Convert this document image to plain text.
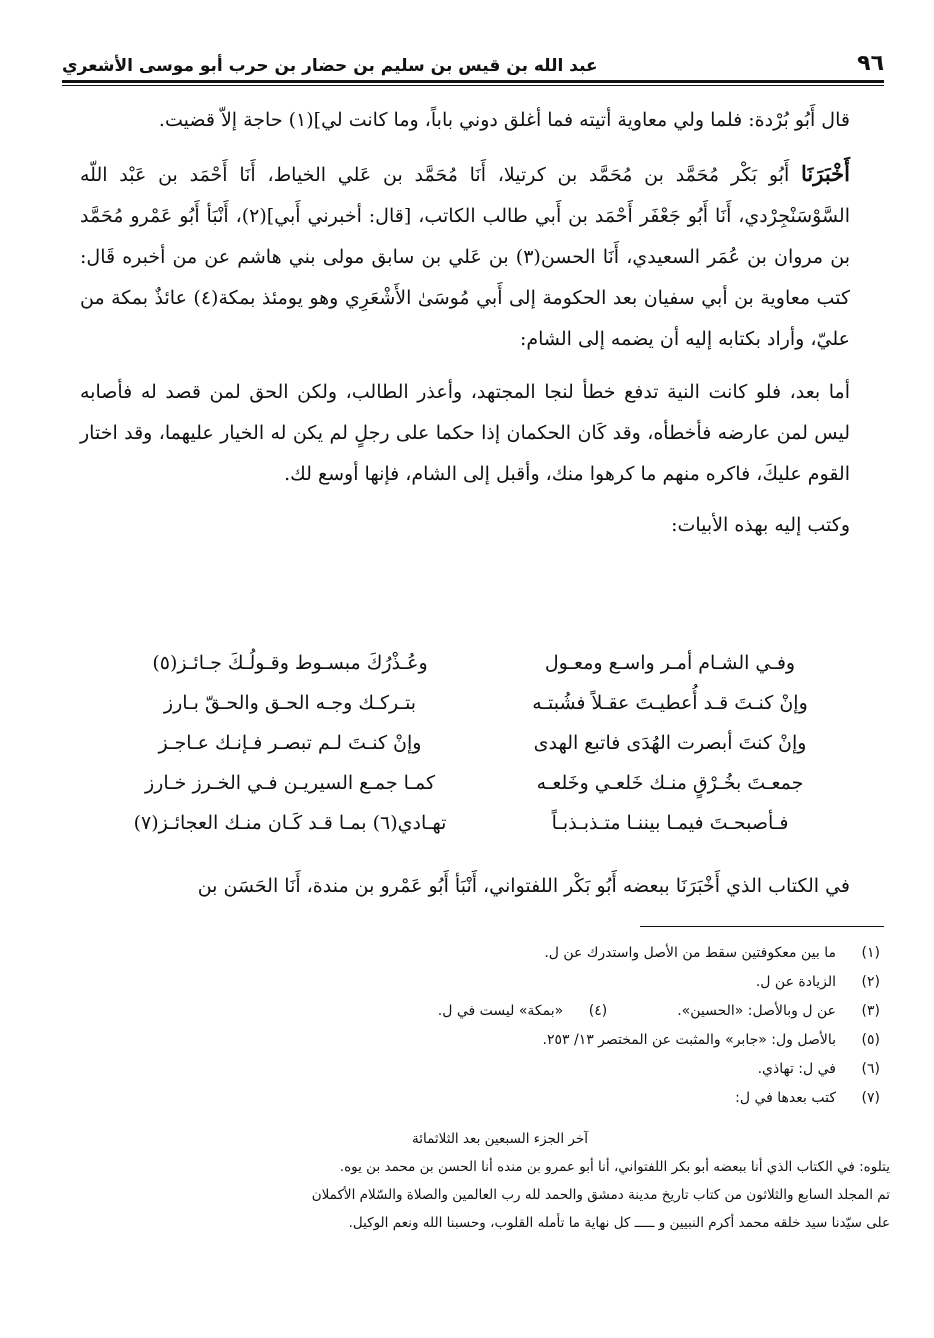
٩٦
عبد الله بن قيس بن سليم بن حضار بن حرب أبو موسى الأشعري

قال أَبُو بُرْدة: فلما ولي معاوية أتيته فما أغلق دوني باباً، وما كانت لي](١) حاجة إلاّ قضيت.

أَخْبَرَنَا أَبُو بَكْر مُحَمَّد بن مُحَمَّد بن كرتيلا، أَنَا مُحَمَّد بن عَلي الخياط، أَنَا أَحْمَد بن عَبْد اللّه السَّوْسَنْجِرْدي، أَنَا أَبُو جَعْفَر أَحْمَد بن أَبي طالب الكاتب، [قال: أخبرني أَبي](٢)، أَنْبَأ أَبُو عَمْرو مُحَمَّد بن مروان بن عُمَر السعيدي، أَنَا الحسن(٣) بن عَلي بن سابق مولى بني هاشم عن من أخبره قَال: كتب معاوية بن أبي سفيان بعد الحكومة إلى أَبي مُوسَىٰ الأَشْعَرِي وهو يومئذ بمكة(٤) عائذٌ بمكة من عليّ، وأراد بكتابه إليه أن يضمه إلى الشام:

أما بعد، فلو كانت النية تدفع خطأ لنجا المجتهد، وأعذر الطالب، ولكن الحق لمن قصد له فأصابه ليس لمن عارضه فأخطأه، وقد كَان الحكمان إذا حكما على رجلٍ لم يكن له الخيار عليهما، وقد اختار القوم عليكَ، فاكره منهم ما كرهوا منك، وأقبل إلى الشام، فإنها أوسع لك.

وكتب إليه بهذه الأبيات:

وفـي الشـام أمـر واسـع ومعـول
وعُـذْرُكَ مبسـوط وقـولُـكَ جـائـز(٥)
وإنْ كنـتَ قـد أُعطيـتَ عقـلاً فشُبتـه
بتـركـك وجـه الحـق والحـقّ بـارز
وإنْ كنتَ أبصرت الهُدَى فاتبع الهدى
وإنْ كنـتَ لـم تبصـر فـإنـك عـاجـز
جمعـتَ بخُـرْقٍ منـك خَلعـي وخَلعـه
كمـا جمـع السيريـن فـي الخـرز خـارز
فـأصبحـتَ فيمـا بيننـا متـذبـذبـاً
تهـادي(٦) بمـا قـد كَـان منـك العجائـز(٧)
في الكتاب الذي أَخْبَرَنَا ببعضه أَبُو بَكْر اللفتواني، أَنْبَأ أَبُو عَمْرو بن مندة، أَنَا الحَسَن بن
(١)
ما بين معكوفتين سقط من الأصل واستدرك عن ل.
(٢)
الزيادة عن ل.
(٣)
عن ل وبالأصل: «الحسين».
(٤)
«بمكة» ليست في ل.
(٥)
بالأصل ول: «جابر» والمثبت عن المختصر ١٣/ ٢٥٣.
(٦)
في ل: تهاذي.
(٧)
كتب بعدها في ل:
آخر الجزء السبعين بعد الثلاثمائة
يتلوه: في الكتاب الذي أنا ببعضه أبو بكر اللفتواني، أنا أبو عمرو بن منده أنا الحسن بن محمد بن يوه.
تم المجلد السابع والثلاثون من كتاب تاريخ مدينة دمشق والحمد لله رب العالمين والصلاة والسّلام الأكملان
على سيّدنا سيد خلقه محمد أكرم النبيين و ـــــ كل نهاية ما تأمله القلوب، وحسبنا الله ونعم الوكيل.
